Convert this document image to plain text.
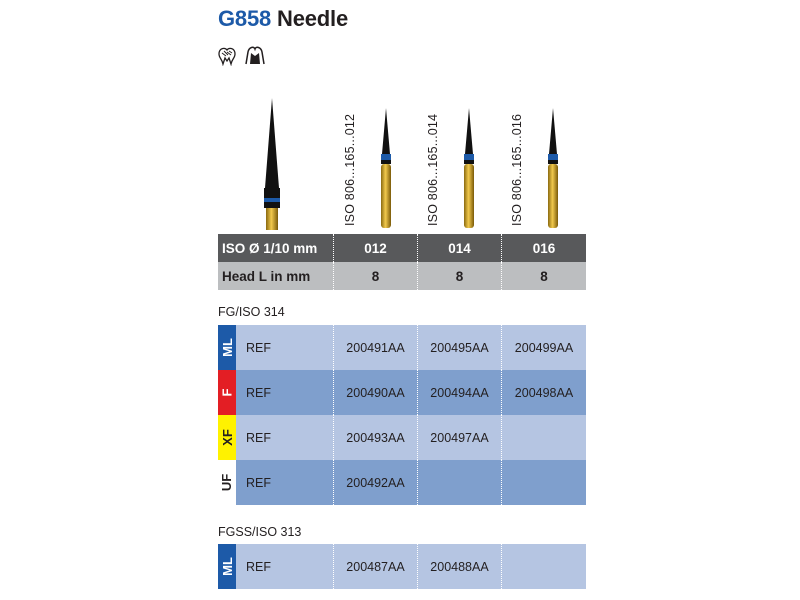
G858 Needle
ISO 806...165...012	ISO 806...165...014	ISO 806...165...016
ISO Ø 1/10 mm	012	014	016
Head L in mm	8	8	8
FG/ISO 314
ML REF	200491AA	200495AA	200499AA
F REF	200490AA	200494AA	200498AA
XF REF	200493AA	200497AA
UF REF	200492AA
FGSS/ISO 313
ML REF	200487AA	200488AA
